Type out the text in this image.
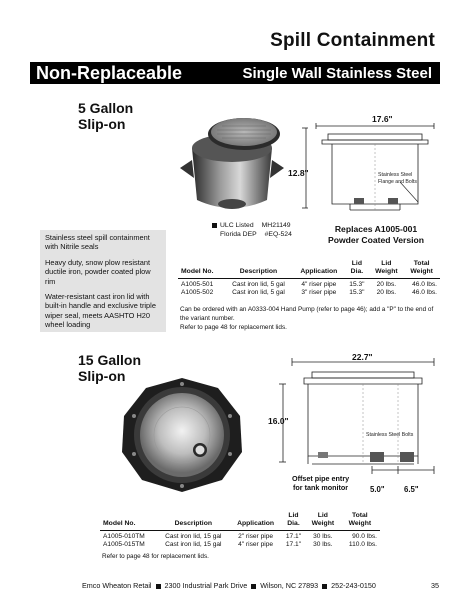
Spill Containment
Non-Replaceable	Single Wall Stainless Steel
5 Gallon
Slip-on	17.6"
12.8"	Stainless Steel
Flange and Bolts

Stainless steel spill containment with Nitrile seals

Heavy duty, snow plow resistant ductile iron, powder coated plow rim

Water-resistant cast iron lid with built-in handle and exclusive triple wiper seal, meets AASHTO H20 wheel loading

ULC Listed MH21149
Florida DEP #EQ-524
Replaces A1005-001
Powder Coated Version
			Lid	Lid	Total
Model No.	Description	Application	Dia.	Weight	Weight
A1005-501	Cast iron lid, 5 gal	4" riser pipe	15.3"	20 lbs.	46.0 lbs.
A1005-502	Cast iron lid, 5 gal	3" riser pipe	15.3"	20 lbs.	46.0 lbs.
Can be ordered with an A0333-004 Hand Pump (refer to page 46); add a "P" to the end of the variant number.
Refer to page 48 for replacement lids.
15 Gallon
Slip-on
22.7"
16.0"
Stainless Steel Bolts
Offset pipe entry
for tank monitor	5.0" 6.5"
			Lid	Lid	Total
Model No.	Description	Application	Dia.	Weight	Weight
A1005-010TM	Cast iron lid, 15 gal	2" riser pipe	17.1"	30 lbs.	90.0 lbs.
A1005-015TM	Cast iron lid, 15 gal	4" riser pipe	17.1"	30 lbs.	110.0 lbs.
Refer to page 48 for replacement lids.
Emco Wheaton Retail 2300 Industrial Park Drive Wilson, NC 27893 252-243-0150	35
